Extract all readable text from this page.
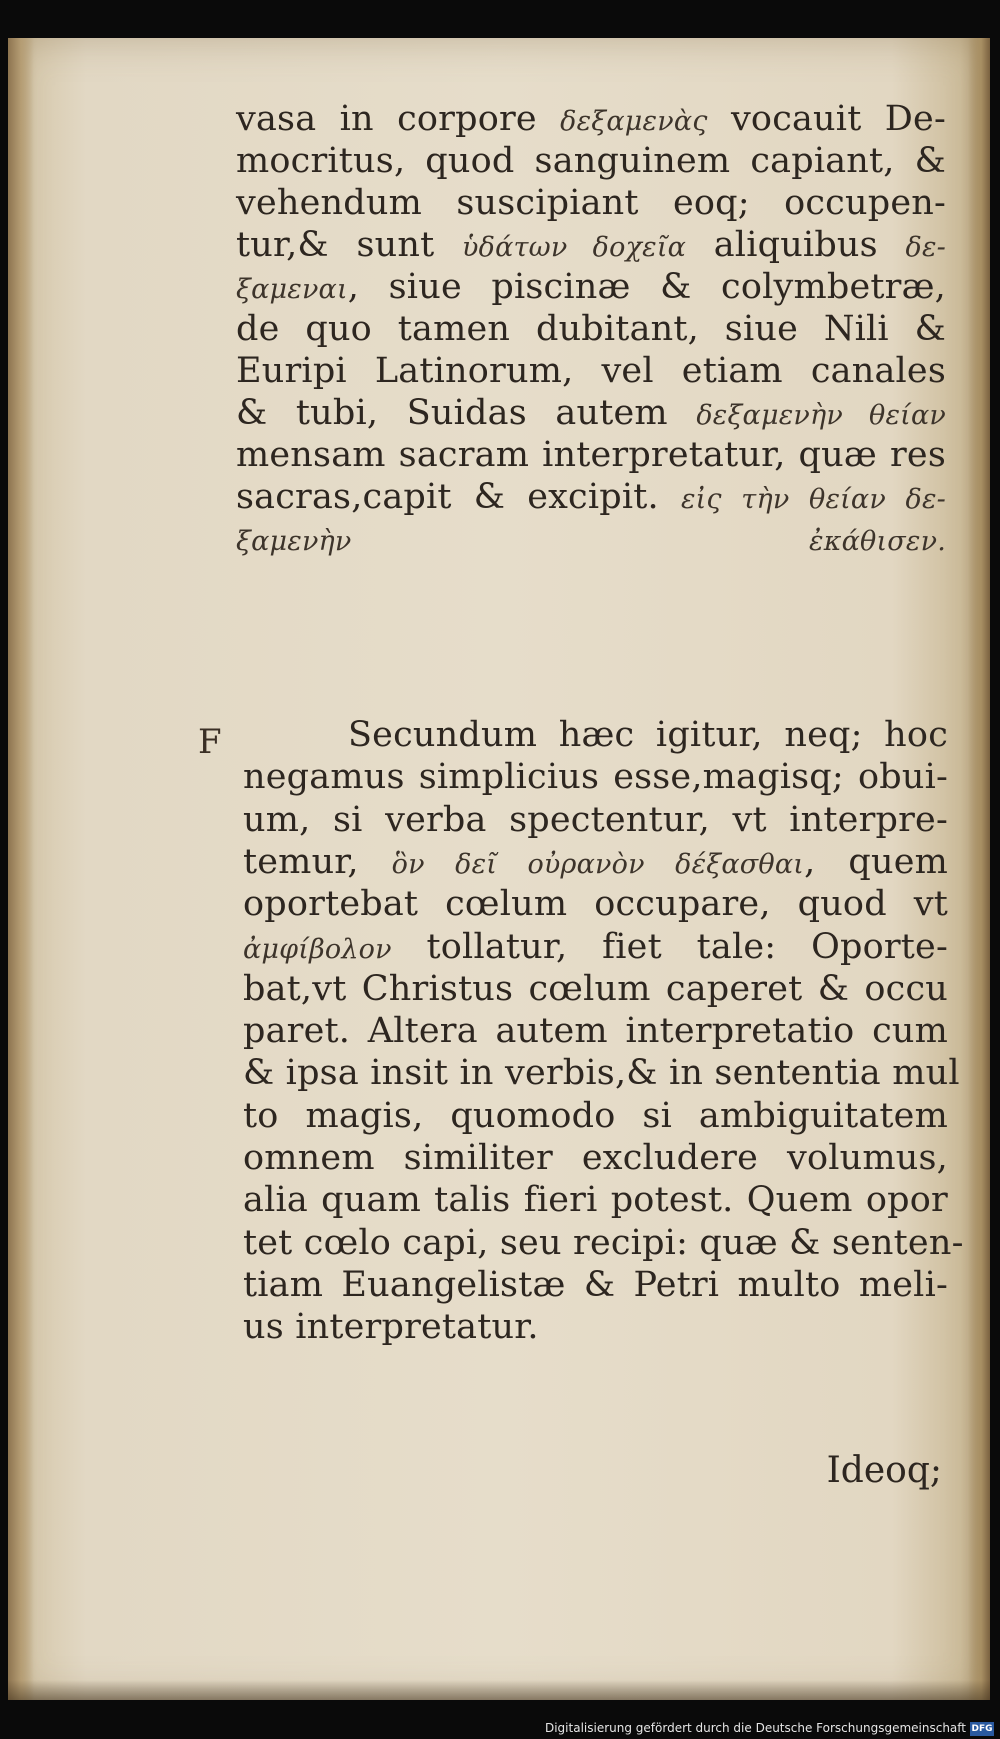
vasa in corpore δεξαμενὰς vocauit De-
mocritus, quod sanguinem capiant, &
vehendum suscipiant eoq; occupen-
tur,& sunt ὑδάτων δοχεῖα aliquibus δε-
ξαμεναι, siue piscinæ & colymbetræ,
de quo tamen dubitant, siue Nili &
Euripi Latinorum, vel etiam canales
& tubi, Suidas autem δεξαμενὴν θείαν
mensam sacram interpretatur, quæ res
sacras,capit & excipit. εἰς τὴν θείαν δε-
ξαμενὴν ἐκάθισεν.
F	Secundum hæc igitur, neq; hoc
negamus simplicius esse,magisq; obui-
um, si verba spectentur, vt interpre-
temur, ὃν δεῖ οὐρανὸν δέξασθαι, quem
oportebat cœlum occupare, quod vt
ἀμφίβολον tollatur, fiet tale: Oporte-
bat,vt Christus cœlum caperet & occu
paret. Altera autem interpretatio cum
& ipsa insit in verbis,& in sententia mul
to magis, quomodo si ambiguitatem
omnem similiter excludere volumus,
alia quam talis fieri potest. Quem opor
tet cœlo capi, seu recipi: quæ & senten-
tiam Euangelistæ & Petri multo meli-
us interpretatur.
Ideoq;
Digitalisierung gefördert durch die Deutsche Forschungsgemeinschaft DFG
